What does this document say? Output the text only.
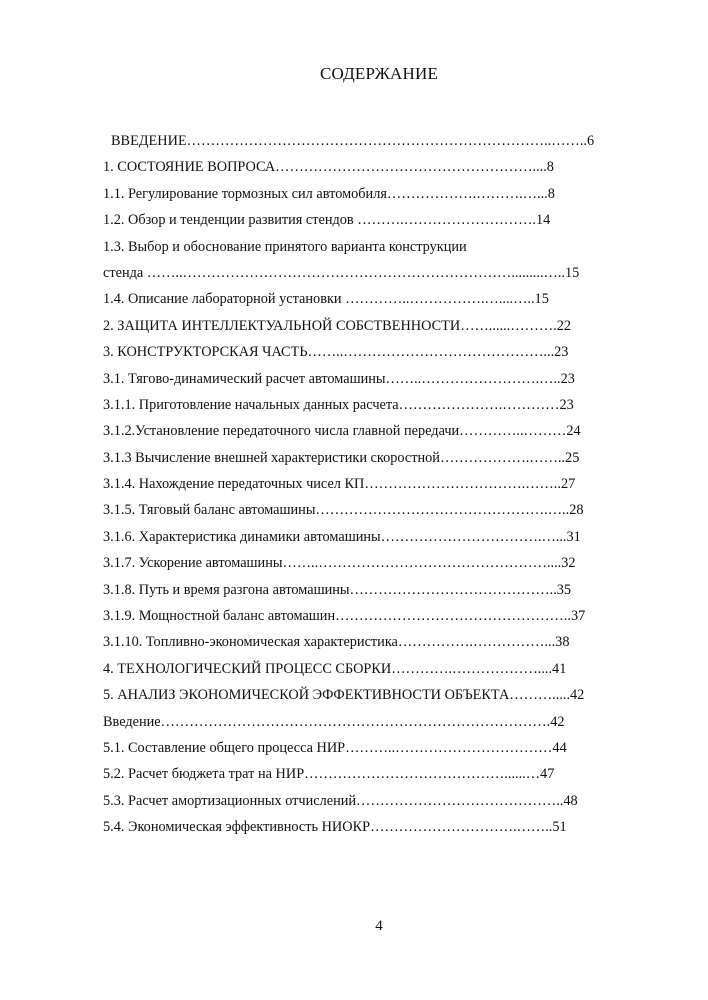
СОДЕРЖАНИЕ
ВВЕДЕНИЕ…………………………………………………………………..……..6
1. СОСТОЯНИЕ ВОПРОСА………………………………………………....8
1.1. Регулирование тормозных сил автомобиля……………….……….…...8
1.2. Обзор и тенденции развития стендов ……….……………………….14
1.3. Выбор и обоснование принятого варианта конструкции
стенда ……..…………………………………………………………….........…..15
1.4. Описание лабораторной установки …………..…………….…....…..15
2. ЗАЩИТА ИНТЕЛЛЕКТУАЛЬНОЙ СОБСТВЕННОСТИ……......……….22
3. КОНСТРУКТОРСКАЯ ЧАСТЬ……..……………………………………...23
3.1. Тягово-динамический расчет автомашины……..…………………….…..23
3.1.1. Приготовление начальных данных расчета………………….…………23
3.1.2.Установление передаточного числа главной передачи…………..………24
3.1.3 Вычисление внешней характеристики скоростной……………….……..25
3.1.4. Нахождение передаточных чисел КП…………………………….……..27
3.1.5. Тяговый баланс автомашины………………………………………….…..28
3.1.6. Характеристика динамики автомашины…………………………….…...31
3.1.7. Ускорение автомашины……..…………………………………………....32
3.1.8. Путь и время разгона автомашины……………………………………..35
3.1.9. Мощностной баланс автомашин…………………………………………..37
3.1.10. Топливно-экономическая характеристика…………….……………...38
4. ТЕХНОЛОГИЧЕСКИЙ ПРОЦЕСС СБОРКИ………….………………....41
5. АНАЛИЗ ЭКОНОМИЧЕСКОЙ ЭФФЕКТИВНОСТИ ОБЪЕКТА……….....42
Введение……………………………………………………………………….42
5.1. Составление общего процесса НИР………..……………………………44
5.2. Расчет бюджета трат на НИР……………………………………......…47
5.3. Расчет амортизационных отчислений……………………………………..48
5.4. Экономическая эффективность НИОКР………………………….……..51
4
